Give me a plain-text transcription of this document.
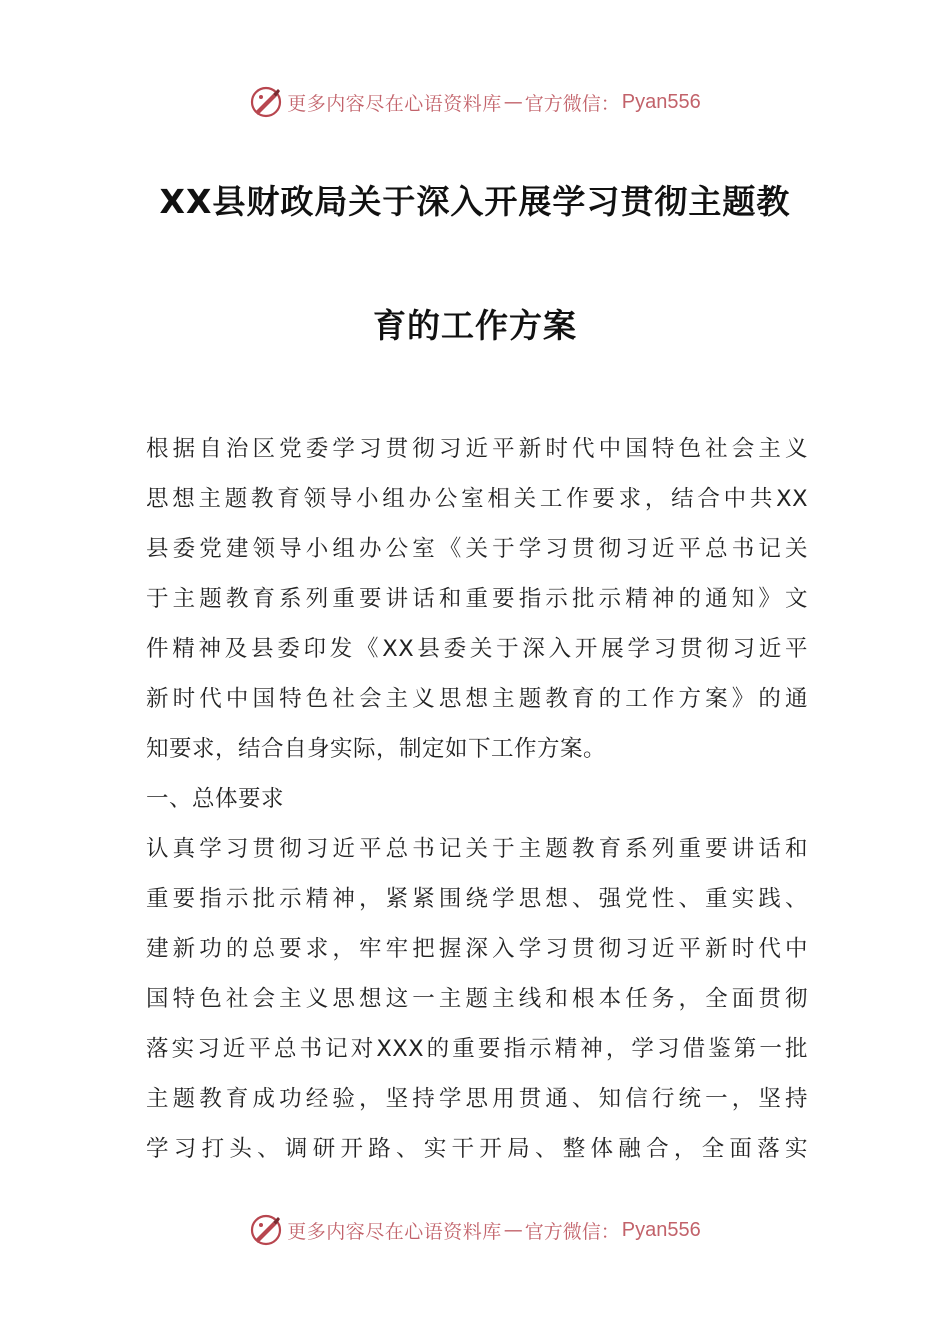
更多内容尽在心语资料库 — 官方微信： Pyan556
XX县财政局关于深入开展学习贯彻主题教
育的工作方案

根据自治区党委学习贯彻习近平新时代中国特色社会主义

思想主题教育领导小组办公室相关工作要求，结合中共XX

县委党建领导小组办公室《关于学习贯彻习近平总书记关

于主题教育系列重要讲话和重要指示批示精神的通知》文

件精神及县委印发《XX县委关于深入开展学习贯彻习近平

新时代中国特色社会主义思想主题教育的工作方案》的通

知要求，结合自身实际，制定如下工作方案。

一、总体要求

认真学习贯彻习近平总书记关于主题教育系列重要讲话和

重要指示批示精神，紧紧围绕学思想、强党性、重实践、

建新功的总要求，牢牢把握深入学习贯彻习近平新时代中

国特色社会主义思想这一主题主线和根本任务，全面贯彻

落实习近平总书记对XXX的重要指示精神，学习借鉴第一批

主题教育成功经验，坚持学思用贯通、知信行统一，坚持

学习打头、调研开路、实干开局、整体融合，全面落实

更多内容尽在心语资料库 — 官方微信： Pyan556
